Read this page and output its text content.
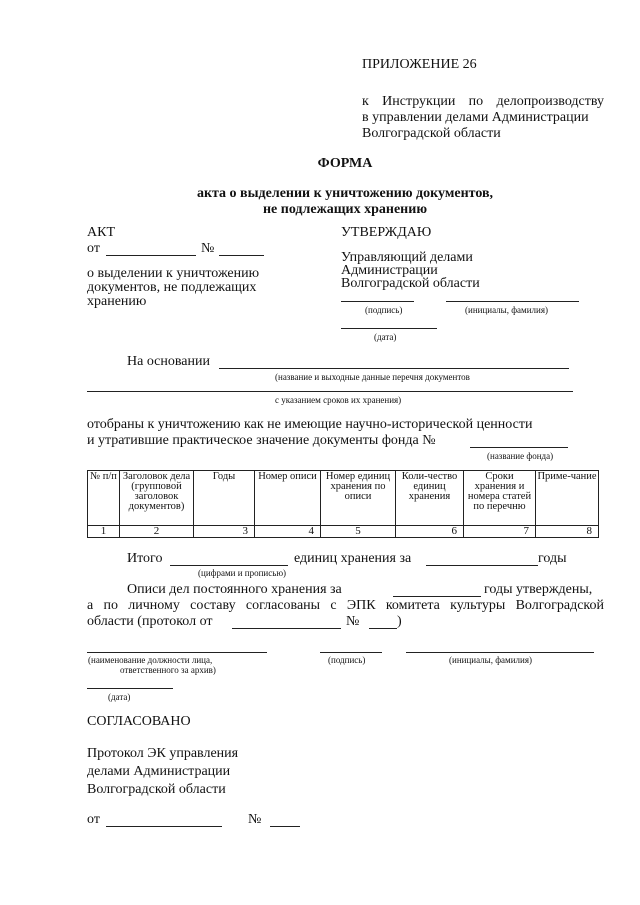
ПРИЛОЖЕНИЕ 26
к Инструкции по делопроизводству
в управлении делами Администрации
Волгоградской области
ФОРМА
акта о выделении к уничтожению документов,
не подлежащих хранению
АКТ
от	№
о выделении к уничтожению
документов, не подлежащих
хранению
УТВЕРЖДАЮ
Управляющий делами
Администрации
Волгоградской области
(подпись)	(инициалы, фамилия)
(дата)
На основании
(название и выходные данные перечня документов
с указанием сроков их хранения)
отобраны к уничтожению как не имеющие научно-исторической ценности
и утратившие практическое значение документы фонда №
(название фонда)
№ п/п	Заголовок дела (групповой заголовок документов)	Годы	Номер описи	Номер единиц хранения по описи	Коли-чество единиц хранения	Сроки хранения и номера статей по перечню	Приме-чание
1	2	3	4	5	6	7	8
Итого	единиц хранения за	годы
(цифрами и прописью)
Описи дел постоянного хранения за	годы утверждены,
а по личному составу согласованы с ЭПК комитета культуры Волгоградской
области (протокол от	№	)
(наименование должности лица,
ответственного за архив)
(подпись)	(инициалы, фамилия)
(дата)
СОГЛАСОВАНО
Протокол ЭК управления
делами Администрации
Волгоградской области
от	№
